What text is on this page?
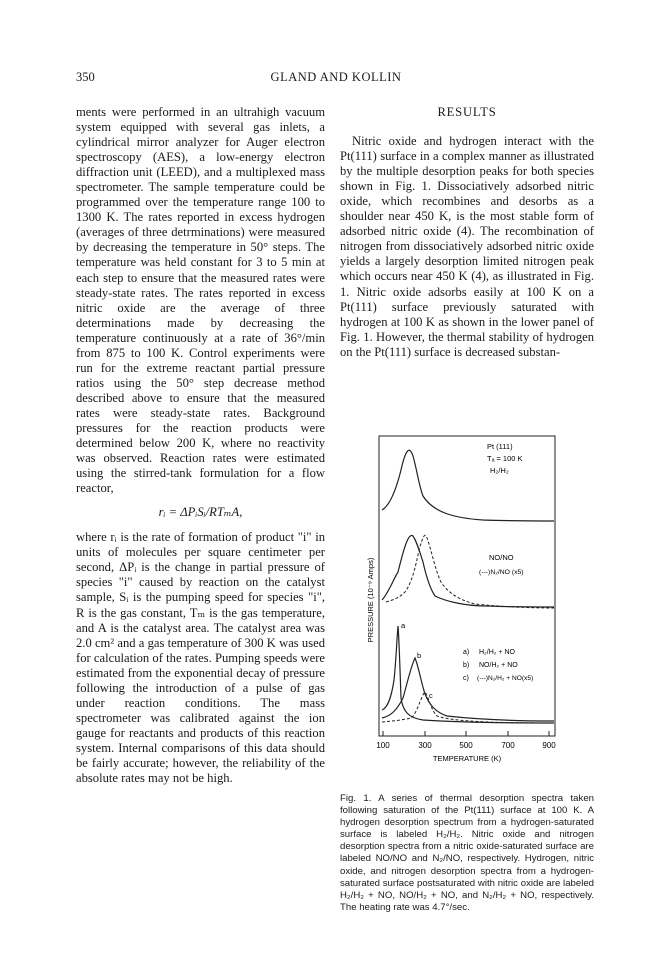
350	GLAND AND KOLLIN

ments were performed in an ultrahigh vacuum system equipped with several gas inlets, a cylindrical mirror analyzer for Auger electron spectroscopy (AES), a low-energy electron diffraction unit (LEED), and a multiplexed mass spectrometer. The sample temperature could be programmed over the temperature range 100 to 1300 K. The rates reported in excess hydrogen (averages of three detrminations) were measured by decreasing the temperature in 50° steps. The temperature was held constant for 3 to 5 min at each step to ensure that the measured rates were steady-state rates. The rates reported in excess nitric oxide are the average of three determinations made by decreasing the temperature continuously at a rate of 36°/min from 875 to 100 K. Control experiments were run for the extreme reactant partial pressure ratios using the 50° step decrease method described above to ensure that the measured rates were steady-state rates. Background pressures for the reaction products were determined below 200 K, where no reactivity was observed. Reaction rates were estimated using the stirred-tank formulation for a flow reactor,

rᵢ = ΔPᵢSᵢ/RTₘA,

where rᵢ is the rate of formation of product "i" in units of molecules per square centimeter per second, ΔPᵢ is the change in partial pressure of species "i" caused by reaction on the catalyst sample, Sᵢ is the pumping speed for species "i", R is the gas constant, Tₘ is the gas temperature, and A is the catalyst area. The catalyst area was 2.0 cm² and a gas temperature of 300 K was used for calculation of the rates. Pumping speeds were estimated from the exponential decay of pressure following the introduction of a pulse of gas under reaction conditions. The mass spectrometer was calibrated against the ion gauge for reactants and products of this reaction system. Internal comparisons of this data should be fairly accurate; however, the reliability of the absolute rates may not be high.

RESULTS

Nitric oxide and hydrogen interact with the Pt(111) surface in a complex manner as illustrated by the multiple desorption peaks for both species shown in Fig. 1. Dissociatively adsorbed nitric oxide, which recombines and desorbs as a shoulder near 450 K, is the most stable form of adsorbed nitric oxide (4). The recombination of nitrogen from dissociatively adsorbed nitric oxide yields a largely desorption limited nitrogen peak which occurs near 450 K (4), as illustrated in Fig. 1. Nitric oxide adsorbs easily at 100 K on a Pt(111) surface previously saturated with hydrogen at 100 K as shown in the lower panel of Fig. 1. However, the thermal stability of hydrogen on the Pt(111) surface is decreased substan-

100	300	500	700	900
TEMPERATURE (K)
PRESSURE (10⁻⁹ Amps)
Pt (111)
Tₐ = 100 K
H₂/H₂
NO/NO
(---)N₂/NO (x5)
a
b
c
a) H₂/H₂ + NO
b) NO/H₂ + NO
c) (---)N₂/H₂ + NO(x5)
Fig. 1. A series of thermal desorption spectra taken following saturation of the Pt(111) surface at 100 K. A hydrogen desorption spectrum from a hydrogen-saturated surface is labeled H₂/H₂. Nitric oxide and nitrogen desorption spectra from a nitric oxide-saturated surface are labeled NO/NO and N₂/NO, respectively. Hydrogen, nitric oxide, and nitrogen desorption spectra from a hydrogen-saturated surface postsaturated with nitric oxide are labeled H₂/H₂ + NO, NO/H₂ + NO, and N₂/H₂ + NO, respectively. The heating rate was 4.7°/sec.
